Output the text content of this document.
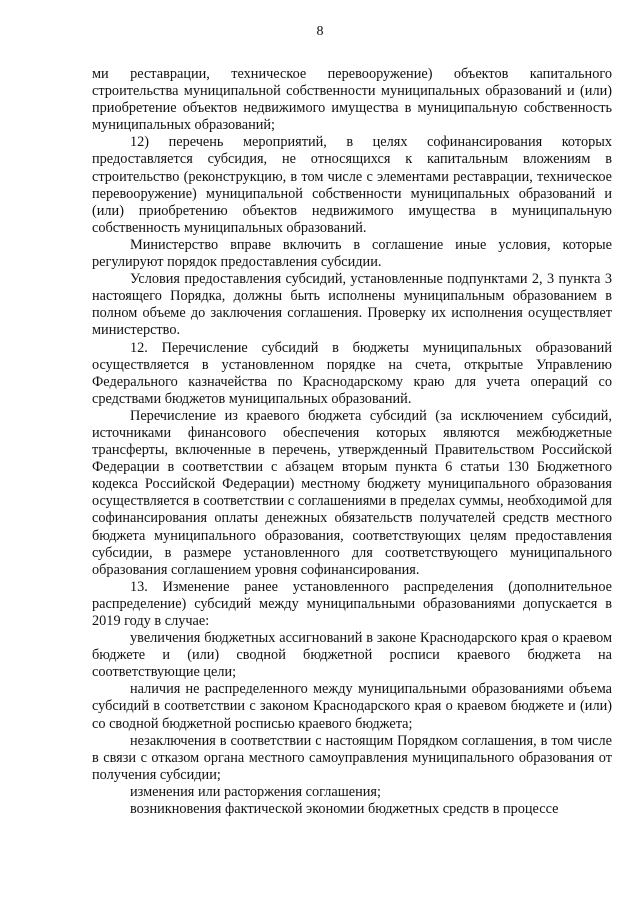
8

ми реставрации, техническое перевооружение) объектов капитального строительства муниципальной собственности муниципальных образований и (или) приобретение объектов недвижимого имущества в муниципальную собственность муниципальных образований;

12) перечень мероприятий, в целях софинансирования которых предоставляется субсидия, не относящихся к капитальным вложениям в строительство (реконструкцию, в том числе с элементами реставрации, техническое перевооружение) муниципальной собственности муниципальных образований и (или) приобретению объектов недвижимого имущества в муниципальную собственность муниципальных образований.

Министерство вправе включить в соглашение иные условия, которые регулируют порядок предоставления субсидии.

Условия предоставления субсидий, установленные подпунктами 2, 3 пункта 3 настоящего Порядка, должны быть исполнены муниципальным образованием в полном объеме до заключения соглашения. Проверку их исполнения осуществляет министерство.

12. Перечисление субсидий в бюджеты муниципальных образований осуществляется в установленном порядке на счета, открытые Управлению Федерального казначейства по Краснодарскому краю для учета операций со средствами бюджетов муниципальных образований.

Перечисление из краевого бюджета субсидий (за исключением субсидий, источниками финансового обеспечения которых являются межбюджетные трансферты, включенные в перечень, утвержденный Правительством Российской Федерации в соответствии с абзацем вторым пункта 6 статьи 130 Бюджетного кодекса Российской Федерации) местному бюджету муниципального образования осуществляется в соответствии с соглашениями в пределах суммы, необходимой для софинансирования оплаты денежных обязательств получателей средств местного бюджета муниципального образования, соответствующих целям предоставления субсидии, в размере установленного для соответствующего муниципального образования соглашением уровня софинансирования.

13. Изменение ранее установленного распределения (дополнительное распределение) субсидий между муниципальными образованиями допускается в 2019 году в случае:

увеличения бюджетных ассигнований в законе Краснодарского края о краевом бюджете и (или) сводной бюджетной росписи краевого бюджета на соответствующие цели;

наличия не распределенного между муниципальными образованиями объема субсидий в соответствии с законом Краснодарского края о краевом бюджете и (или) со сводной бюджетной росписью краевого бюджета;

незаключения в соответствии с настоящим Порядком соглашения, в том числе в связи с отказом органа местного самоуправления муниципального образования от получения субсидии;

изменения или расторжения соглашения;

возникновения фактической экономии бюджетных средств в процессе
